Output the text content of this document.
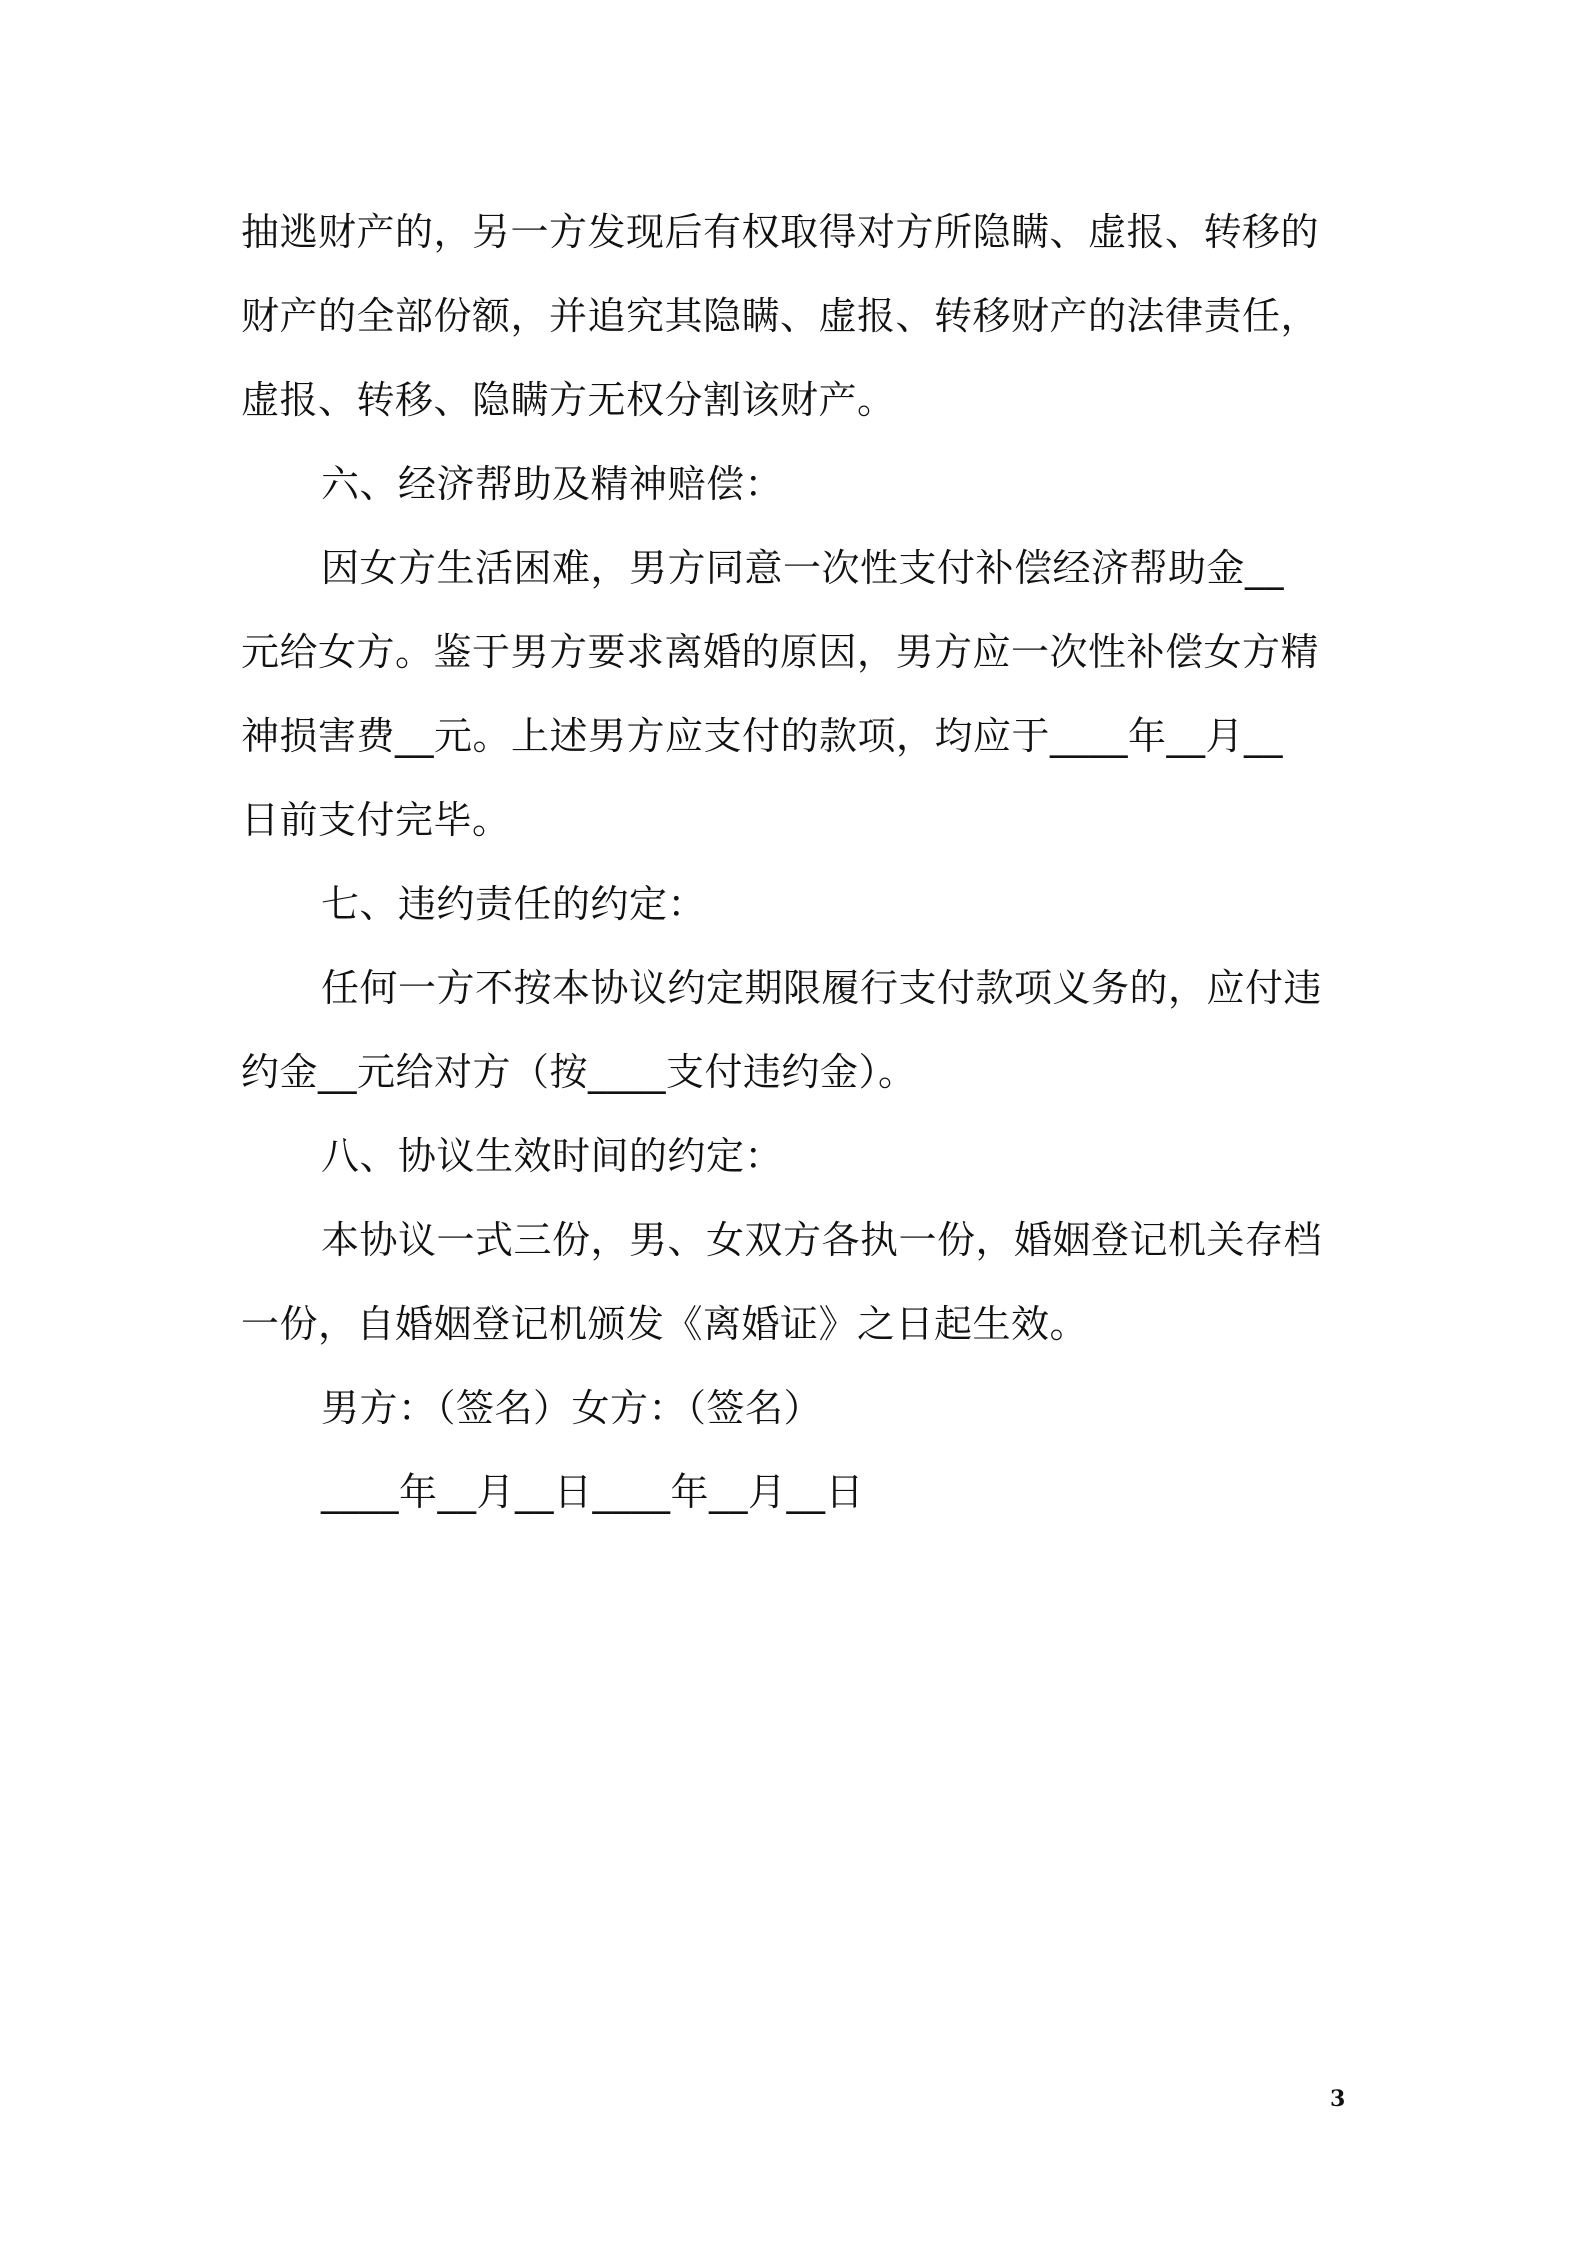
抽逃财产的，另一方发现后有权取得对方所隐瞒、虚报、转移的
财产的全部份额，并追究其隐瞒、虚报、转移财产的法律责任，
虚报、转移、隐瞒方无权分割该财产。
六、经济帮助及精神赔偿：
因女方生活困难，男方同意一次性支付补偿经济帮助金__
元给女方。鉴于男方要求离婚的原因，男方应一次性补偿女方精
神损害费__元。上述男方应支付的款项，均应于____年__月__
日前支付完毕。
七、违约责任的约定：
任何一方不按本协议约定期限履行支付款项义务的，应付违
约金__元给对方（按____支付违约金）。
八、协议生效时间的约定：
本协议一式三份，男、女双方各执一份，婚姻登记机关存档
一份，自婚姻登记机颁发《离婚证》之日起生效。
男方：（签名）女方：（签名）
____年__月__日____年__月__日
3
